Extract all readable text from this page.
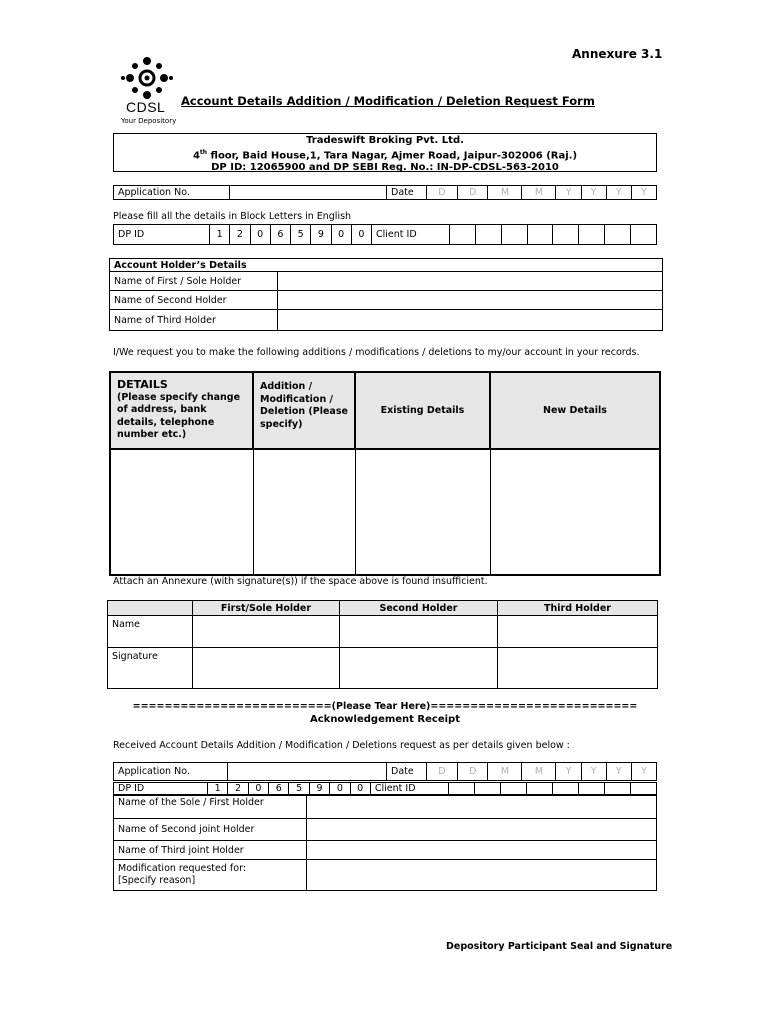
Annexure 3.1
CDSL
Your Depository
Account Details Addition / Modification / Deletion Request Form
Tradeswift Broking Pvt. Ltd.
4th floor, Baid House,1, Tara Nagar, Ajmer Road, Jaipur-302006 (Raj.)
DP ID: 12065900 and DP SEBI Reg. No.: IN-DP-CDSL-563-2010
Application No.		Date	D	D	M	M	Y	Y	Y	Y
Please fill all the details in Block Letters in English
DP ID	1	2	0	6	5	9	0	0	Client ID								
Account Holder’s Details	
Name of First / Sole Holder	
Name of Second Holder	
Name of Third Holder	
I/We request you to make the following additions / modifications / deletions to my/our account in your records.
DETAILS
(Please specify change of address, bank details, telephone number etc.)	Addition / Modification / Deletion (Please specify)	Existing Details	New Details

Attach an Annexure (with signature(s)) if the space above is found insufficient.
	First/Sole Holder	Second Holder	Third Holder
Name			
Signature			
=========================(Please Tear Here)==========================
Acknowledgement Receipt
Received Account Details Addition / Modification / Deletions request as per details given below :
Application No.		Date	D	D	M	M	Y	Y	Y	Y
DP ID	1	2	0	6	5	9	0	0	Client ID								
Name of the Sole / First Holder	
Name of Second joint Holder	
Name of Third joint Holder	

Modification requested for:
[Specify reason]	

Depository Participant Seal and Signature
